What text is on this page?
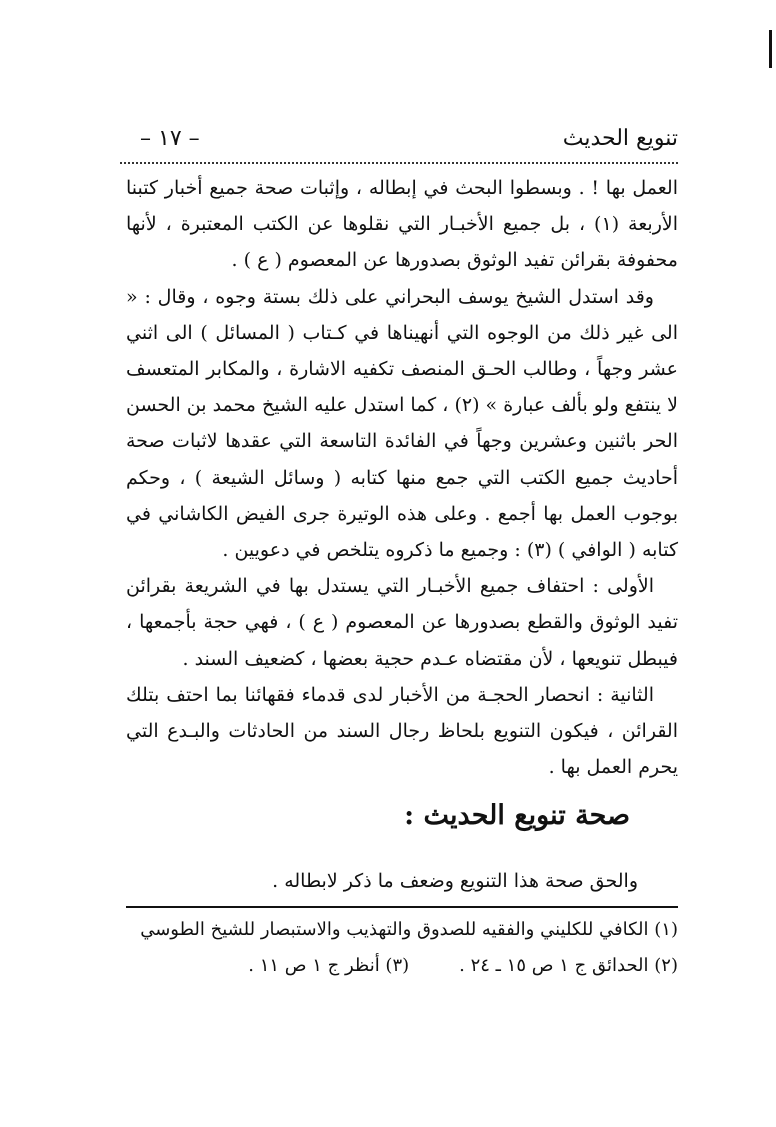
تنويع الحديث
– ١٧ –

العمل بها ! . وبسطوا البحث في إبطاله ، وإثبات صحة جميع أخبار كتبنا الأربعة (١) ، بل جميع الأخبـار التي نقلوها عن الكتب المعتبرة ، لأنها محفوفة بقرائن تفيد الوثوق بصدورها عن المعصوم ( ع ) .

وقد استدل الشيخ يوسف البحراني على ذلك بستة وجوه ، وقال : « الى غير ذلك من الوجوه التي أنهيناها في كـتاب ( المسائل ) الى اثني عشر وجهاً ، وطالب الحـق المنصف تكفيه الاشارة ، والمكابر المتعسف لا ينتفع ولو بألف عبارة » (٢) ، كما استدل عليه الشيخ محمد بن الحسن الحر باثنين وعشرين وجهاً في الفائدة التاسعة التي عقدها لاثبات صحة أحاديث جميع الكتب التي جمع منها كتابه ( وسائل الشيعة ) ، وحكم بوجوب العمل بها أجمع . وعلى هذه الوتيرة جرى الفيض الكاشاني في كتابه ( الوافي ) (٣) : وجميع ما ذكروه يتلخص في دعويين .

الأولى : احتفاف جميع الأخبـار التي يستدل بها في الشريعة بقرائن تفيد الوثوق والقطع بصدورها عن المعصوم ( ع ) ، فهي حجة بأجمعها ، فيبطل تنويعها ، لأن مقتضاه عـدم حجية بعضها ، كضعيف السند .

الثانية : انحصار الحجـة من الأخبار لدى قدماء فقهائنا بما احتف بتلك القرائن ، فيكون التنويع بلحاظ رجال السند من الحادثات والبـدع التي يحرم العمل بها .

صحة تنويع الحديث :
والحق صحة هذا التنويع وضعف ما ذكر لابطاله .
(١) الكافي للكليني والفقيه للصدوق والتهذيب والاستبصار للشيخ الطوسي
(٢) الحدائق ج ١ ص ١٥ ـ ٢٤ .
(٣) أنظر ج ١ ص ١١ .
